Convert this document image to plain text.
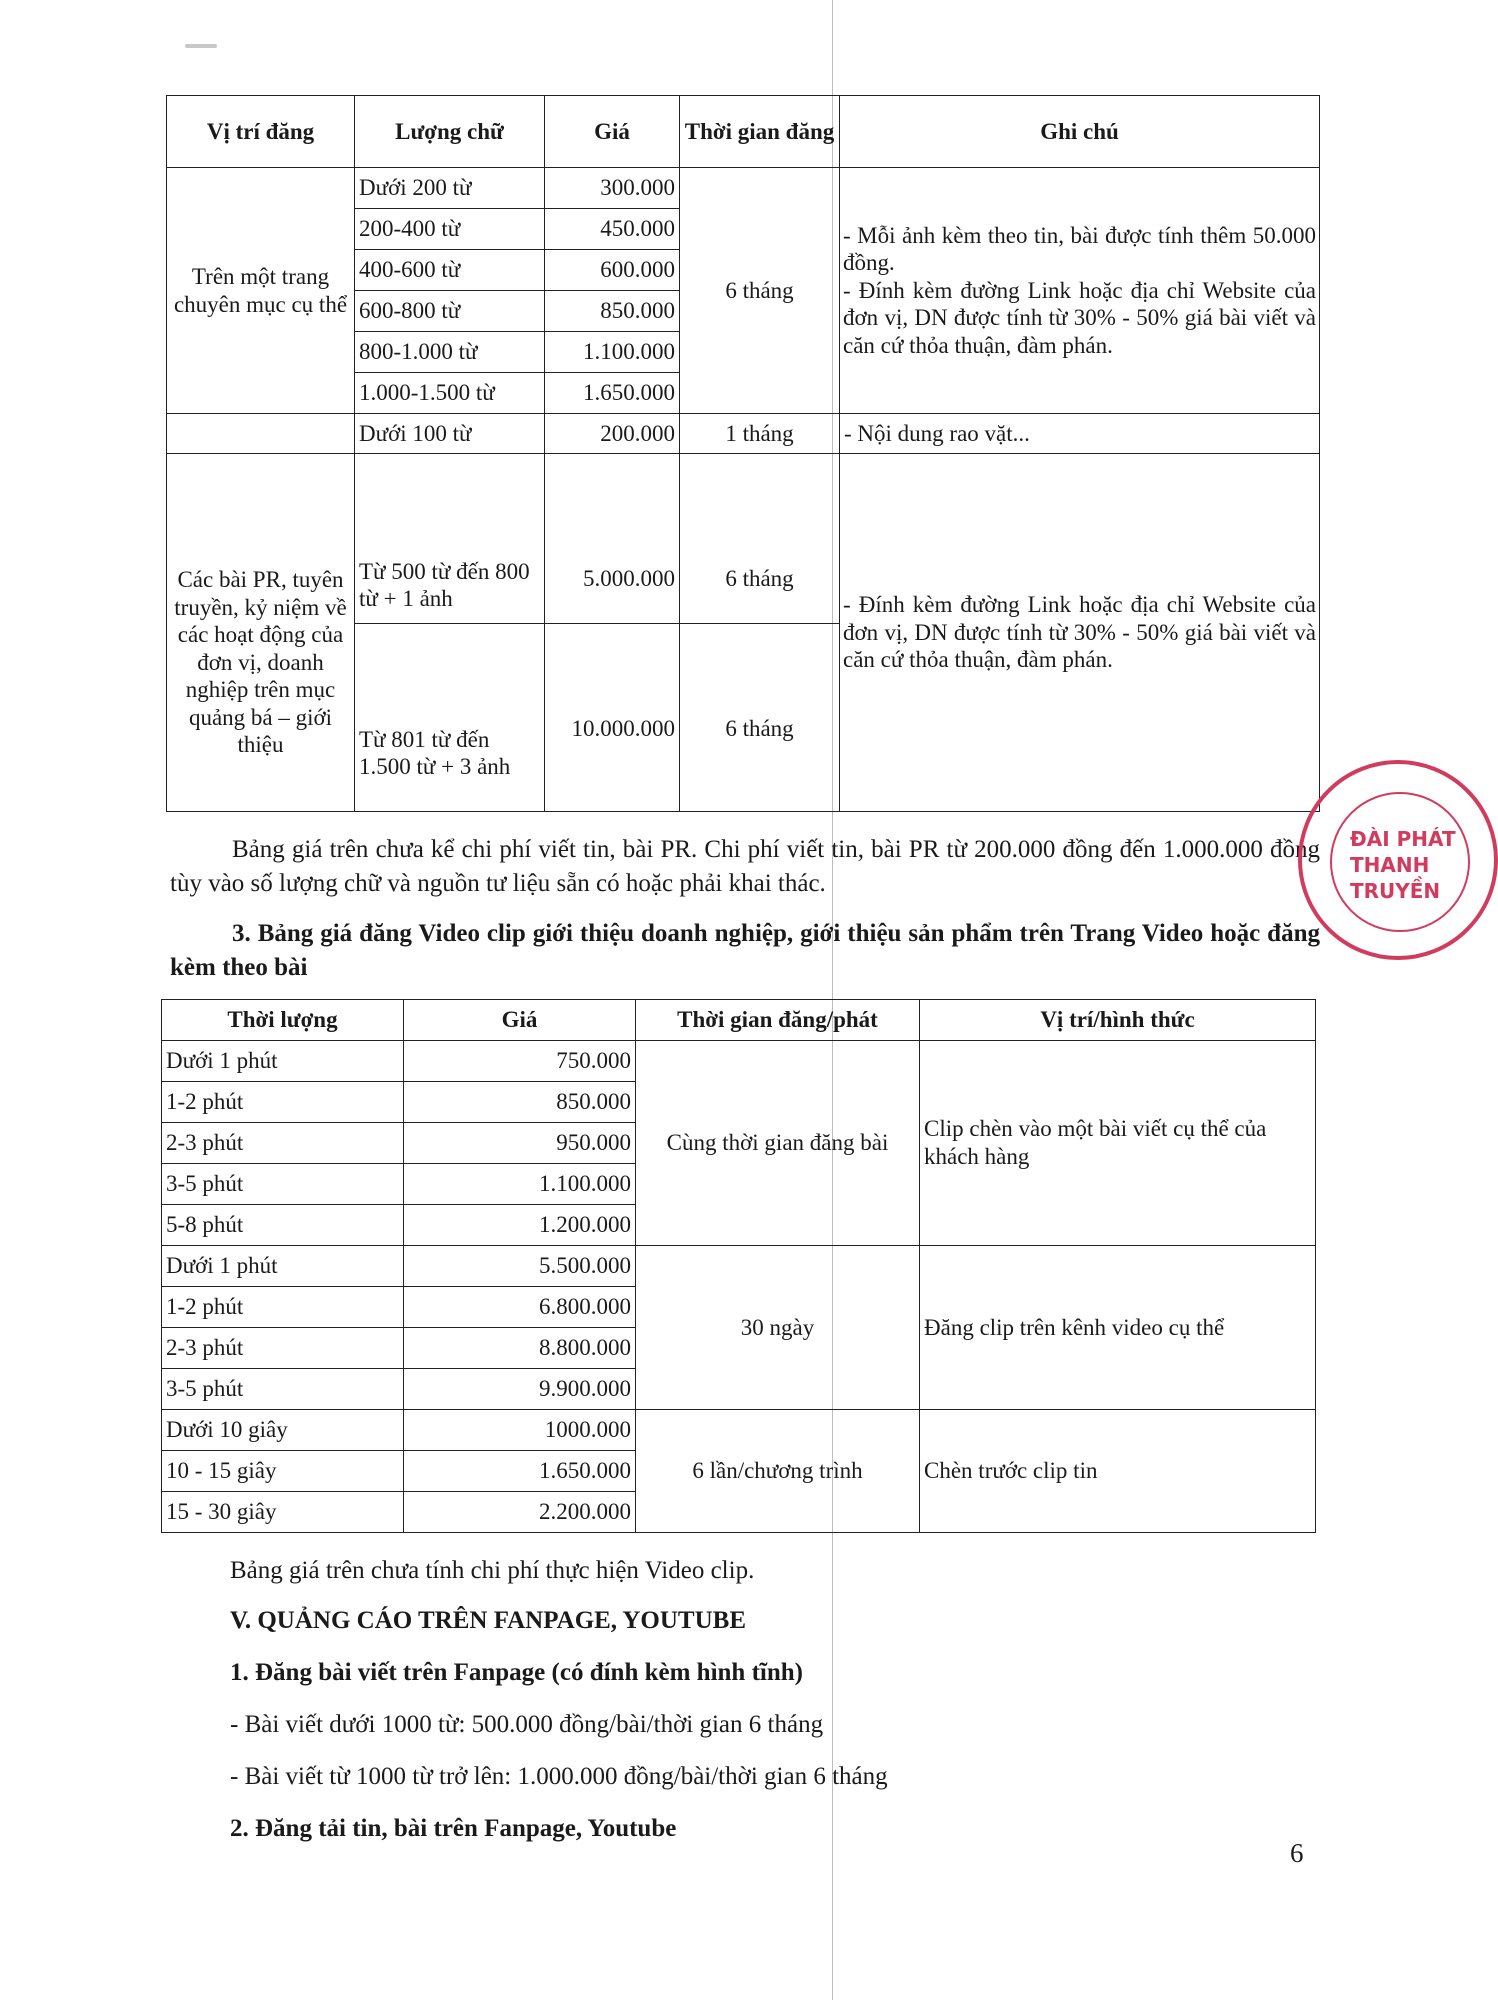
Vị trí đăng	Lượng chữ	Giá	Thời gian đăng	Ghi chú
Trên một trang chuyên mục cụ thể	Dưới 200 từ	300.000	6 tháng	- Mỗi ảnh kèm theo tin, bài được tính thêm 50.000 đồng.
- Đính kèm đường Link hoặc địa chỉ Website của đơn vị, DN được tính từ 30% - 50% giá bài viết và căn cứ thỏa thuận, đàm phán.
	200-400 từ	450.000		
	400-600 từ	600.000		
	600-800 từ	850.000		
	800-1.000 từ	1.100.000		
	1.000-1.500 từ	1.650.000		
	Dưới 100 từ	200.000	1 tháng	- Nội dung rao vặt...
Các bài PR, tuyên truyền, kỷ niệm về các hoạt động của đơn vị, doanh nghiệp trên mục quảng bá – giới thiệu	Từ 500 từ đến 800 từ + 1 ảnh	5.000.000	6 tháng	- Đính kèm đường Link hoặc địa chỉ Website của đơn vị, DN được tính từ 30% - 50% giá bài viết và căn cứ thỏa thuận, đàm phán.
	Từ 801 từ đến 1.500 từ + 3 ảnh	10.000.000	6 tháng	
Bảng giá trên chưa kể chi phí viết tin, bài PR. Chi phí viết tin, bài PR từ 200.000 đồng đến 1.000.000 đồng tùy vào số lượng chữ và nguồn tư liệu sẵn có hoặc phải khai thác.
3. Bảng giá đăng Video clip giới thiệu doanh nghiệp, giới thiệu sản phẩm trên Trang Video hoặc đăng kèm theo bài
Thời lượng	Giá	Thời gian đăng/phát	Vị trí/hình thức
Dưới 1 phút	750.000	Cùng thời gian đăng bài	Clip chèn vào một bài viết cụ thể của khách hàng
1-2 phút	850.000		
2-3 phút	950.000		
3-5 phút	1.100.000		
5-8 phút	1.200.000		
Dưới 1 phút	5.500.000	30 ngày	Đăng clip trên kênh video cụ thể
1-2 phút	6.800.000		
2-3 phút	8.800.000		
3-5 phút	9.900.000		
Dưới 10 giây	1000.000	6 lần/chương trình	Chèn trước clip tin
10 - 15 giây	1.650.000		
15 - 30 giây	2.200.000		
Bảng giá trên chưa tính chi phí thực hiện Video clip.
V. QUẢNG CÁO TRÊN FANPAGE, YOUTUBE
1. Đăng bài viết trên Fanpage (có đính kèm hình tĩnh)
- Bài viết dưới 1000 từ: 500.000 đồng/bài/thời gian 6 tháng
- Bài viết từ 1000 từ trở lên: 1.000.000 đồng/bài/thời gian 6 tháng
2. Đăng tải tin, bài trên Fanpage, Youtube
ĐÀI PHÁT THANH TRUYỀN
6
